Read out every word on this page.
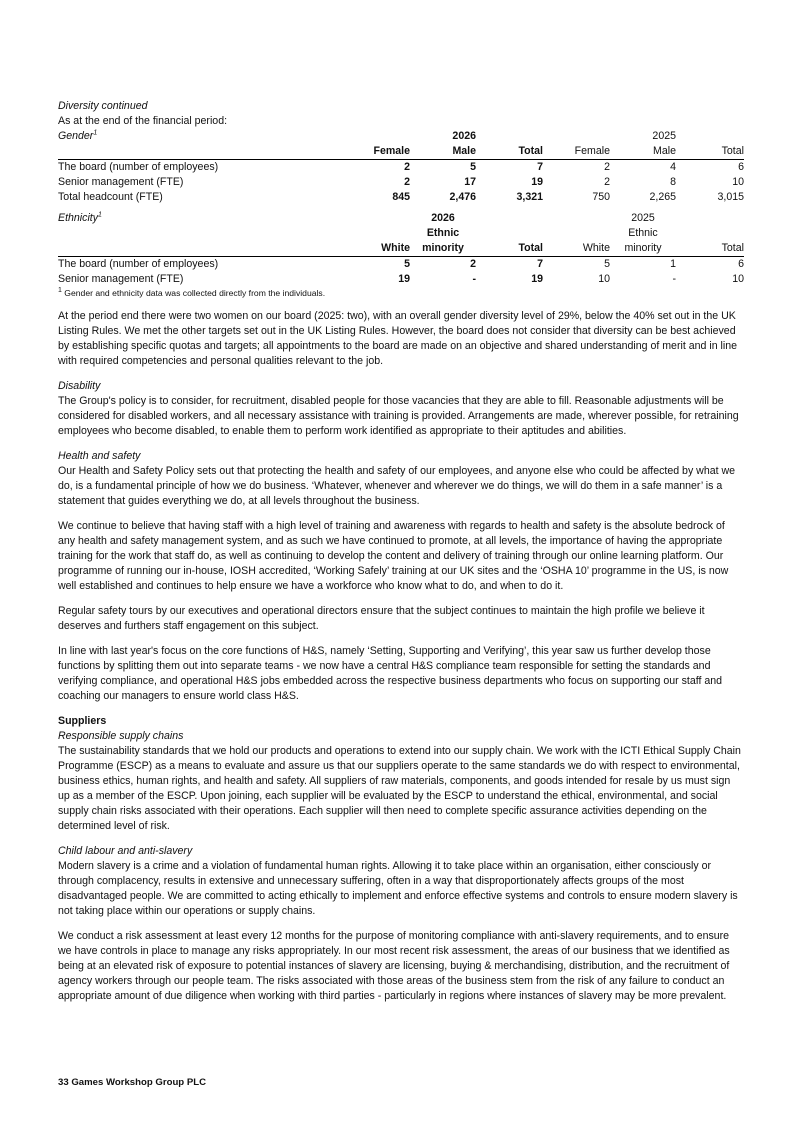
Diversity continued

As at the end of the financial period:

Gender$^1$		2026			2025	
	Female	Male	Total	Female	Male	Total
The board (number of employees)	2	5	7	2	4	6
Senior management (FTE)	2	17	19	2	8	10
Total headcount (FTE)	845	2,476	3,321	750	2,265	3,015
Ethnicity$^1$		2026			2025	
		Ethnic			Ethnic	
	White	minority	Total	White	minority	Total
The board (number of employees)	5	2	7	5	1	6
Senior management (FTE)	19	-	19	10	-	10

$^1$ Gender and ethnicity data was collected directly from the individuals.

At the period end there were two women on our board (2025: two), with an overall gender diversity level of 29%, below the 40% set out in the UK Listing Rules. We met the other targets set out in the UK Listing Rules. However, the board does not consider that diversity can be best achieved by establishing specific quotas and targets; all appointments to the board are made on an objective and shared understanding of merit and in line with required competencies and personal qualities relevant to the job.

Disability

The Group's policy is to consider, for recruitment, disabled people for those vacancies that they are able to fill. Reasonable adjustments will be considered for disabled workers, and all necessary assistance with training is provided. Arrangements are made, wherever possible, for retraining employees who become disabled, to enable them to perform work identified as appropriate to their aptitudes and abilities.

Health and safety

Our Health and Safety Policy sets out that protecting the health and safety of our employees, and anyone else who could be affected by what we do, is a fundamental principle of how we do business. ‘Whatever, whenever and wherever we do things, we will do them in a safe manner’ is a statement that guides everything we do, at all levels throughout the business.

We continue to believe that having staff with a high level of training and awareness with regards to health and safety is the absolute bedrock of any health and safety management system, and as such we have continued to promote, at all levels, the importance of having the appropriate training for the work that staff do, as well as continuing to develop the content and delivery of training through our online learning platform. Our programme of running our in-house, IOSH accredited, ‘Working Safely’ training at our UK sites and the ‘OSHA 10’ programme in the US, is now well established and continues to help ensure we have a workforce who know what to do, and when to do it.

Regular safety tours by our executives and operational directors ensure that the subject continues to maintain the high profile we believe it deserves and furthers staff engagement on this subject.

In line with last year's focus on the core functions of H&S, namely ‘Setting, Supporting and Verifying’, this year saw us further develop those functions by splitting them out into separate teams - we now have a central H&S compliance team responsible for setting the standards and verifying compliance, and operational H&S jobs embedded across the respective business departments who focus on supporting our staff and coaching our managers to ensure world class H&S.

Suppliers

Responsible supply chains

The sustainability standards that we hold our products and operations to extend into our supply chain. We work with the ICTI Ethical Supply Chain Programme (ESCP) as a means to evaluate and assure us that our suppliers operate to the same standards we do with respect to environmental, business ethics, human rights, and health and safety. All suppliers of raw materials, components, and goods intended for resale by us must sign up as a member of the ESCP. Upon joining, each supplier will be evaluated by the ESCP to understand the ethical, environmental, and social supply chain risks associated with their operations. Each supplier will then need to complete specific assurance activities depending on the determined level of risk.

Child labour and anti-slavery

Modern slavery is a crime and a violation of fundamental human rights. Allowing it to take place within an organisation, either consciously or through complacency, results in extensive and unnecessary suffering, often in a way that disproportionately affects groups of the most disadvantaged people. We are committed to acting ethically to implement and enforce effective systems and controls to ensure modern slavery is not taking place within our operations or supply chains.

We conduct a risk assessment at least every 12 months for the purpose of monitoring compliance with anti-slavery requirements, and to ensure we have controls in place to manage any risks appropriately. In our most recent risk assessment, the areas of our business that we identified as being at an elevated risk of exposure to potential instances of slavery are licensing, buying & merchandising, distribution, and the recruitment of agency workers through our people team. The risks associated with those areas of the business stem from the risk of any failure to conduct an appropriate amount of due diligence when working with third parties - particularly in regions where instances of slavery may be more prevalent.

33 Games Workshop Group PLC
